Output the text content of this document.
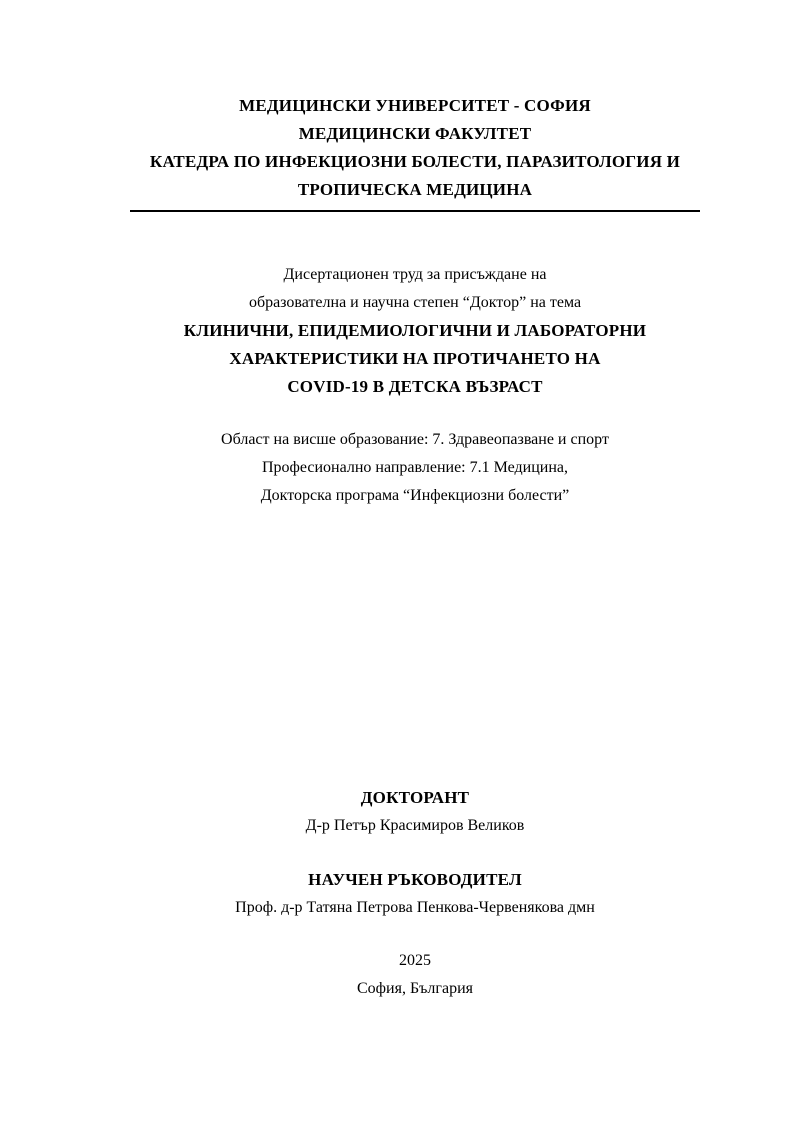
МЕДИЦИНСКИ УНИВЕРСИТЕТ - СОФИЯ
МЕДИЦИНСКИ ФАКУЛТЕТ
КАТЕДРА ПО ИНФЕКЦИОЗНИ БОЛЕСТИ, ПАРАЗИТОЛОГИЯ И
ТРОПИЧЕСКА МЕДИЦИНА
Дисертационен труд за присъждане на
образователна и научна степен “Доктор” на тема
КЛИНИЧНИ, ЕПИДЕМИОЛОГИЧНИ И ЛАБОРАТОРНИ
ХАРАКТЕРИСТИКИ НА ПРОТИЧАНЕТО НА
COVID-19 В ДЕТСКА ВЪЗРАСТ
Област на висше образование: 7. Здравеопазване и спорт
Професионално направление: 7.1 Медицина,
Докторска програма “Инфекциозни болести”
ДОКТОРАНТ
Д-р Петър Красимиров Великов
НАУЧЕН РЪКОВОДИТЕЛ
Проф. д-р Татяна Петрова Пенкова-Червенякова дмн
2025
София, България
